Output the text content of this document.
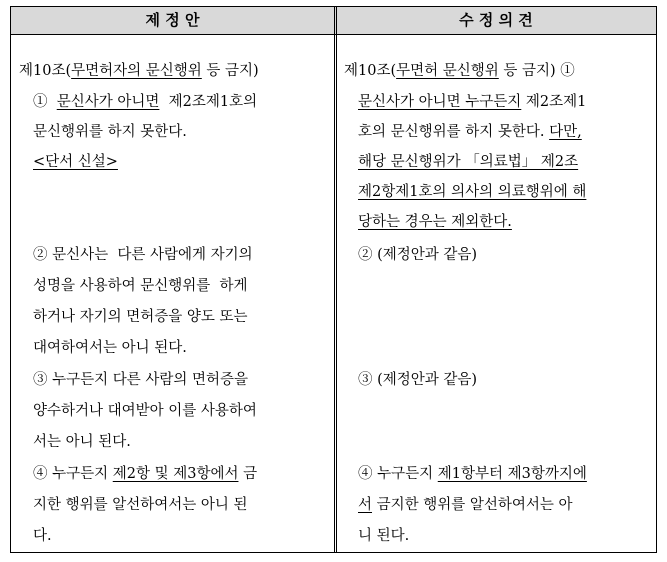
제 정 안	수 정 의 견
제10조(무면허자의 문신행위 등 금지)
① 문신사가 아니면 제2조제1호의
문신행위를 하지 못한다.
<단서 신설>
② 문신사는  다른 사람에게 자기의
성명을 사용하여 문신행위를  하게
하거나 자기의 면허증을 양도 또는
대여하여서는 아니 된다.
③ 누구든지 다른 사람의 면허증을
양수하거나 대여받아 이를 사용하여
서는 아니 된다.
④ 누구든지 제2항 및 제3항에서 금
지한 행위를 알선하여서는 아니 된
다.
제10조(무면허 문신행위 등 금지) ①
문신사가 아니면 누구든지 제2조제1
호의 문신행위를 하지 못한다. 다만,
해당 문신행위가 「의료법」 제2조
제2항제1호의 의사의 의료행위에 해
당하는 경우는 제외한다.
② (제정안과 같음)
③ (제정안과 같음)
④ 누구든지 제1항부터 제3항까지에
서 금지한 행위를 알선하여서는 아
니 된다.
